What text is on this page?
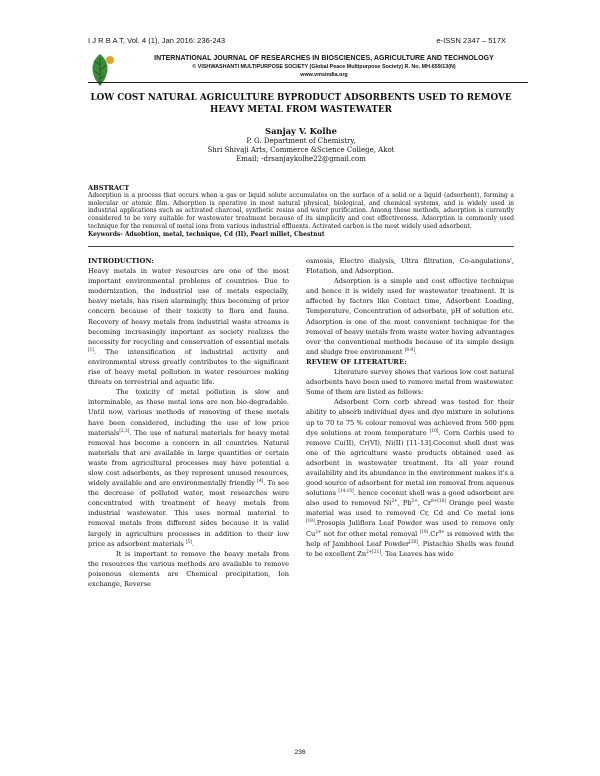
I J R B A T, Vol. 4 (1), Jan 2016: 236-243	e-ISSN 2347 – 517X
INTERNATIONAL JOURNAL OF RESEARCHES IN BIOSCIENCES, AGRICULTURE AND TECHNOLOGY
© VISHWASHANTI MULTIPURPOSE SOCIETY (Global Peace Multipurpose Society) R. No. MH-659/13(N)
www.vmsindia.org
LOW COST NATURAL AGRICULTURE BYPRODUCT ADSORBENTS USED TO REMOVE HEAVY METAL FROM WASTEWATER
Sanjay V. Kolhe
P. G. Department of Chemistry,
Shri Shivaji Arts, Commerce &Science College, Akot
Email; -drsanjaykolhe22@gmail.com
ABSTRACT
Adsorption is a process that occurs when a gas or liquid solute accumulates on the surface of a solid or a liquid (adsorbent), forming a molecular or atomic film. Adsorption is operative in most natural physical, biological, and chemical systems, and is widely used in industrial applications such as activated charcoal, synthetic resins and water purification. Among these methods, adsorption is currently considered to be very suitable for wastewater treatment because of its simplicity and cost effectiveness. Adsorption is commonly used technique for the removal of metal ions from various industrial effluents. Activated carbon is the most widely used adsorbent.
Keywords- Adsobtion, metal, technique, Cd (II), Pearl millet, Chestnut
INTRODUCTION:

Heavy metals in water resources are one of the most important environmental problems of countries. Due to modernization, the industrial use of metals especially, heavy metals, has risen alarmingly, thus becoming of prior concern because of their toxicity to flora and fauna. Recovery of heavy metals from industrial waste streams is becoming increasingly important as society realizes the necessity for recycling and conservation of essential metals [1]. The intensification of industrial activity and environmental stress greatly contributes to the significant rise of heavy metal pollution in water resources making threats on terrestrial and aquatic life.

The toxicity of metal pollution is slow and interminable, as these metal ions are non bio-degradable. Until now, various methods of removing of these metals have been considered, including the use of low price materials[2,3]. The use of natural materials for heavy metal removal has become a concern in all countries. Natural materials that are available in large quantities or certain waste from agricultural processes may have potential a slow cost adsorbents, as they represent unused resources, widely available and are environmentally friendly [4]. To see the decrease of polluted water, most researches were concentrated with treatment of heavy metals from industrial wastewater. This uses normal material to removal metals from different sides because it is valid largely in agriculture processes in addition to their low price as adsorbent materials [5].

It is important to remove the heavy metals from the resources the various methods are available to remove poisonous elements are Chemical precipitation, Ion exchange, Reverse

osmosis, Electro dialysis, Ultra filtration, Co-angulations', Flotation, and Adsorption.

Adsorption is a simple and cost effective technique and hence it is widely used for wastewater treatment. It is affected by factors like Contact time, Adsorbent Loading, Temperature, Concentration of adsorbate, pH of solution etc. Adsorption is one of the most convenient technique for the removal of heavy metals from waste water having advantages over the conventional methods because of its simple design and sludge free environment [6-9].

REVIEW OF LITERATURE:

Literature survey shows that various low cost natural adsorbents have been used to remove metal from wastewater. Some of them are listed as follows:

Adsorbent Corn corb shread was tested for their ability to absorb individual dyes and dye mixture in solutions up to 70 to 75 % colour removal was achieved from 500 ppm dye solutions at room temperature [10]. Corn Corbis used to remove Cu(II), Cr(VI), Ni(II) [11-13].Coconut shell dust was one of the agriculture waste products obtained used as adsorbent in wastewater treatment. Its all year round availability and its abundance in the environment makes it's a good source of adsorbent for metal ion removal from aqueous solutions [14-15]. hence coconut shell was a good adsorbent are also used to removed $Ni^{2+}$, $Pb^{2+}$, $Cr^{6+[16]}$ Orange peel waste material was used to removed Cr, Cd and Co metal ions [18].Prosopis Juliflora Leaf Powder was used to remove only $Cu^{2+}$ not for other metal removal $[19].Cr^{4+}$ is removed with the help of Jambhool Leaf Powder[20]. Pistachio Shells was found to be excellent $Zn^{2+[21]}$. Tea Leaves has wide

236
